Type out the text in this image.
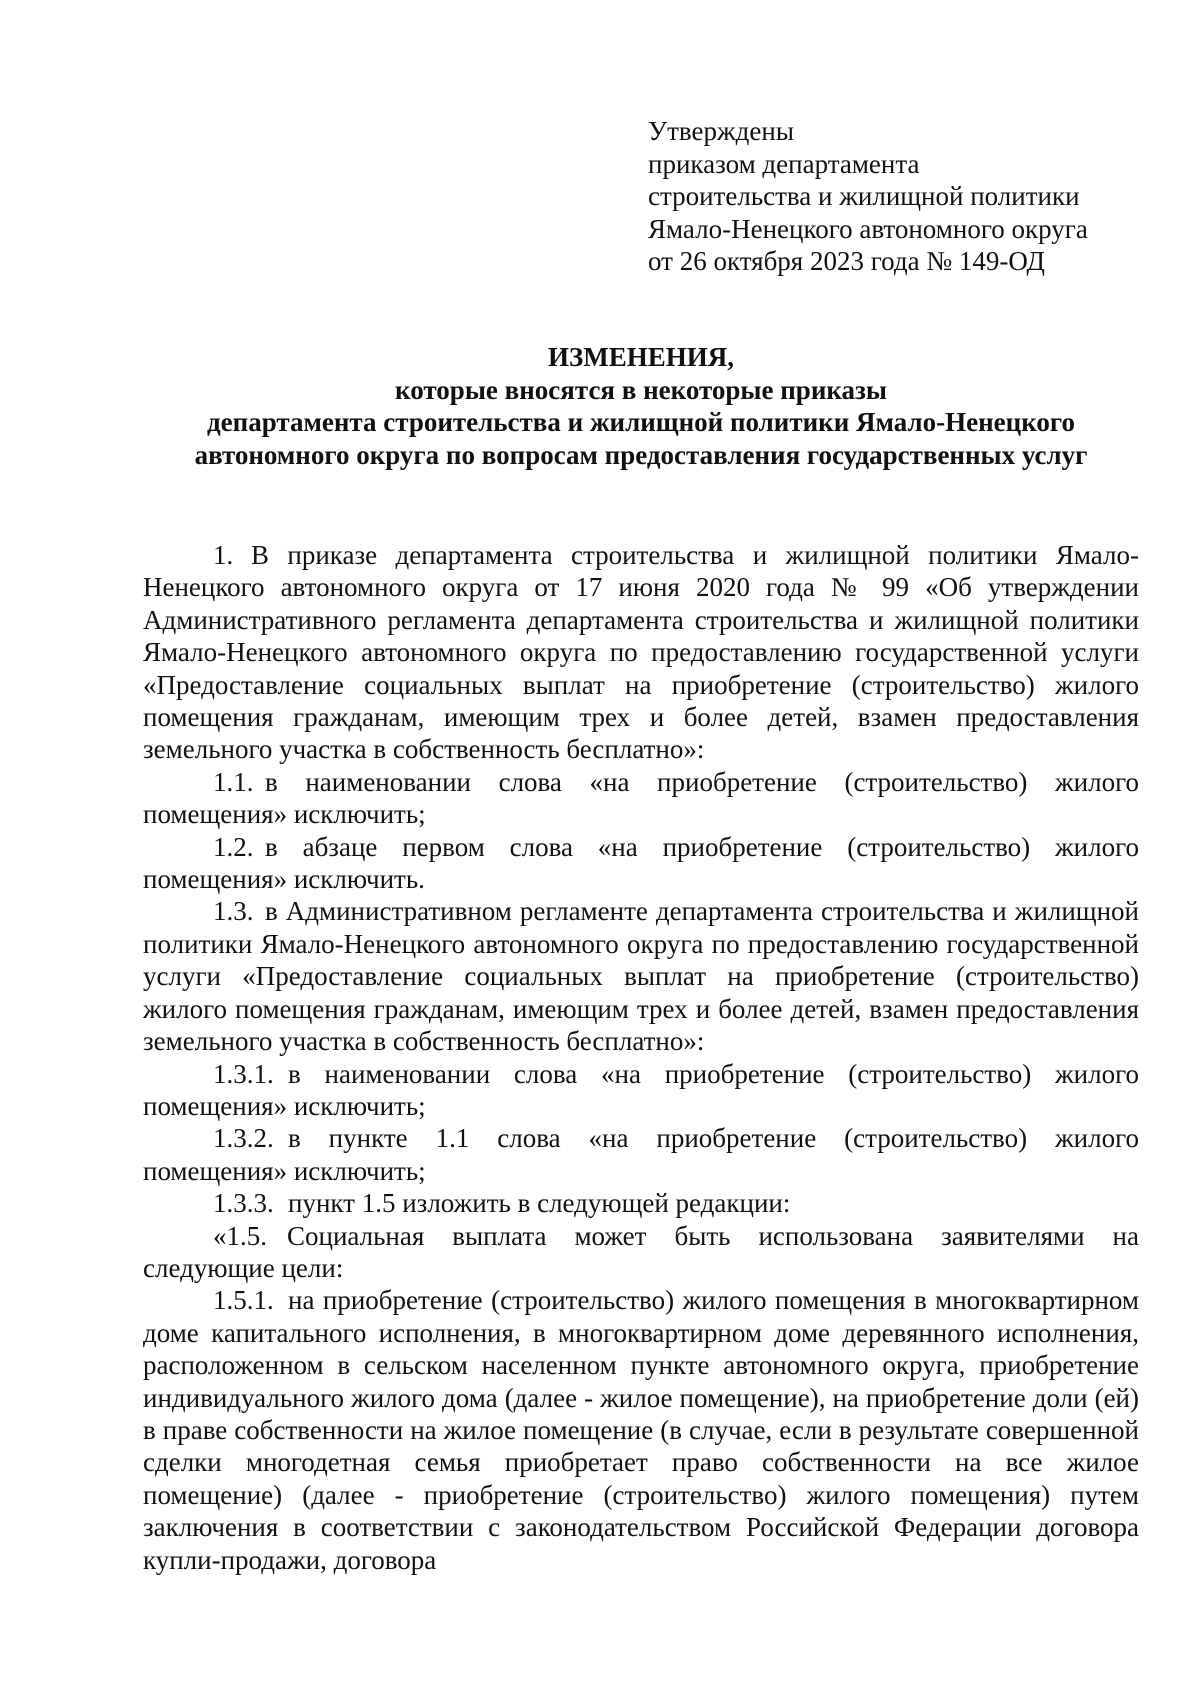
Утверждены
приказом департамента
строительства и жилищной политики
Ямало-Ненецкого автономного округа
от 26 октября 2023 года № 149-ОД
ИЗМЕНЕНИЯ,
которые вносятся в некоторые приказы
департамента строительства и жилищной политики Ямало-Ненецкого
автономного округа по вопросам предоставления государственных услуг

1. В приказе департамента строительства и жилищной политики Ямало-Ненецкого автономного округа от 17 июня 2020 года № 99 «Об утверждении Административного регламента департамента строительства и жилищной политики Ямало-Ненецкого автономного округа по предоставлению государственной услуги «Предоставление социальных выплат на приобретение (строительство) жилого помещения гражданам, имеющим трех и более детей, взамен предоставления земельного участка в собственность бесплатно»:

1.1. в наименовании слова «на приобретение (строительство) жилого помещения» исключить;

1.2. в абзаце первом слова «на приобретение (строительство) жилого помещения» исключить.

1.3. в Административном регламенте департамента строительства и жилищной политики Ямало-Ненецкого автономного округа по предоставлению государственной услуги «Предоставление социальных выплат на приобретение (строительство) жилого помещения гражданам, имеющим трех и более детей, взамен предоставления земельного участка в собственность бесплатно»:

1.3.1. в наименовании слова «на приобретение (строительство) жилого помещения» исключить;

1.3.2. в пункте 1.1 слова «на приобретение (строительство) жилого помещения» исключить;

1.3.3. пункт 1.5 изложить в следующей редакции:

«1.5. Социальная выплата может быть использована заявителями на следующие цели:

1.5.1. на приобретение (строительство) жилого помещения в многоквартирном доме капитального исполнения, в многоквартирном доме деревянного исполнения, расположенном в сельском населенном пункте автономного округа, приобретение индивидуального жилого дома (далее - жилое помещение), на приобретение доли (ей) в праве собственности на жилое помещение (в случае, если в результате совершенной сделки многодетная семья приобретает право собственности на все жилое помещение) (далее - приобретение (строительство) жилого помещения) путем заключения в соответствии с законодательством Российской Федерации договора купли-продажи, договора
